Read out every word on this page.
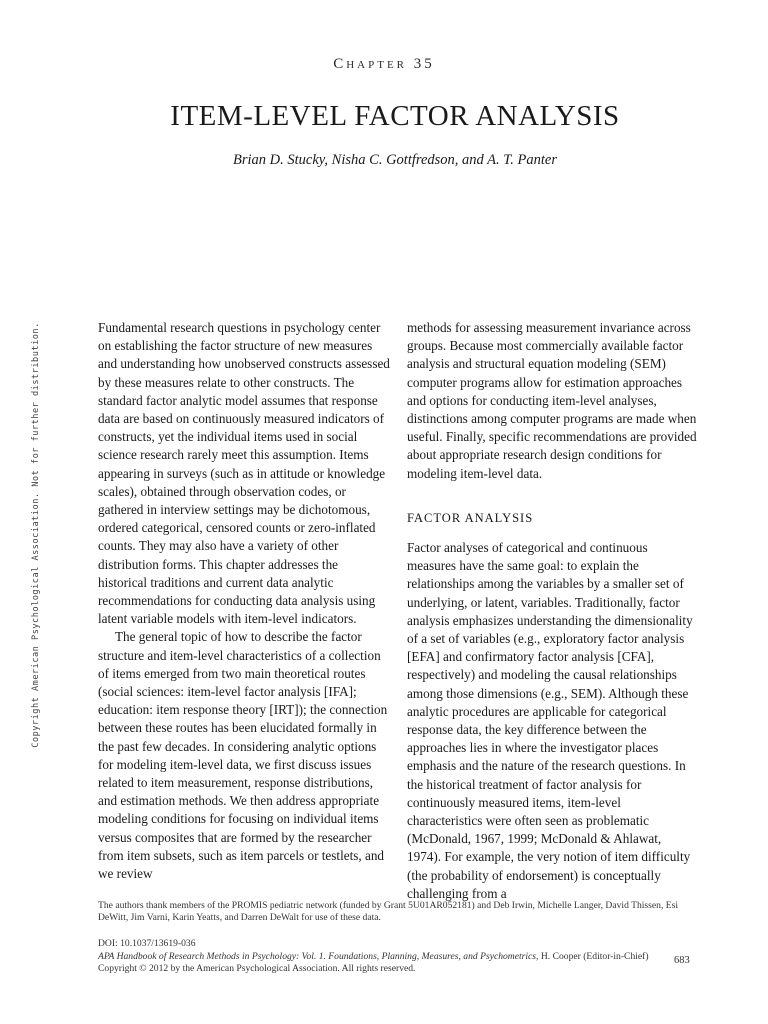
Chapter 35
ITEM-LEVEL FACTOR ANALYSIS
Brian D. Stucky, Nisha C. Gottfredson, and A. T. Panter
Copyright American Psychological Association. Not for further distribution.	Fundamental research questions in psychology center on establishing the factor structure of new measures and understanding how unobserved constructs assessed by these measures relate to other constructs. The standard factor analytic model assumes that response data are based on continuously measured indicators of constructs, yet the individual items used in social science research rarely meet this assumption. Items appearing in surveys (such as in attitude or knowledge scales), obtained through observation codes, or gathered in interview settings may be dichotomous, ordered categorical, censored counts or zero-inflated counts. They may also have a variety of other distribution forms. This chapter addresses the historical traditions and current data analytic recommendations for conducting data analysis using latent variable models with item-level indicators.

The general topic of how to describe the factor structure and item-level characteristics of a collection of items emerged from two main theoretical routes (social sciences: item-level factor analysis [IFA]; education: item response theory [IRT]); the connection between these routes has been elucidated formally in the past few decades. In considering analytic options for modeling item-level data, we first discuss issues related to item measurement, response distributions, and estimation methods. We then address appropriate modeling conditions for focusing on individual items versus composites that are formed by the researcher from item subsets, such as item parcels or testlets, and we review

methods for assessing measurement invariance across groups. Because most commercially available factor analysis and structural equation modeling (SEM) computer programs allow for estimation approaches and options for conducting item-level analyses, distinctions among computer programs are made when useful. Finally, specific recommendations are provided about appropriate research design conditions for modeling item-level data.

FACTOR ANALYSIS

Factor analyses of categorical and continuous measures have the same goal: to explain the relationships among the variables by a smaller set of underlying, or latent, variables. Traditionally, factor analysis emphasizes understanding the dimensionality of a set of variables (e.g., exploratory factor analysis [EFA] and confirmatory factor analysis [CFA], respectively) and modeling the causal relationships among those dimensions (e.g., SEM). Although these analytic procedures are applicable for categorical response data, the key difference between the approaches lies in where the investigator places emphasis and the nature of the research questions. In the historical treatment of factor analysis for continuously measured items, item-level characteristics were often seen as problematic (McDonald, 1967, 1999; McDonald & Ahlawat, 1974). For example, the very notion of item difficulty (the probability of endorsement) is conceptually challenging from a

The authors thank members of the PROMIS pediatric network (funded by Grant 5U01AR052181) and Deb Irwin, Michelle Langer, David Thissen, Esi DeWitt, Jim Varni, Karin Yeatts, and Darren DeWalt for use of these data.

DOI: 10.1037/13619-036
APA Handbook of Research Methods in Psychology: Vol. 1. Foundations, Planning, Measures, and Psychometrics, H. Cooper (Editor-in-Chief)
Copyright © 2012 by the American Psychological Association. All rights reserved.
683
